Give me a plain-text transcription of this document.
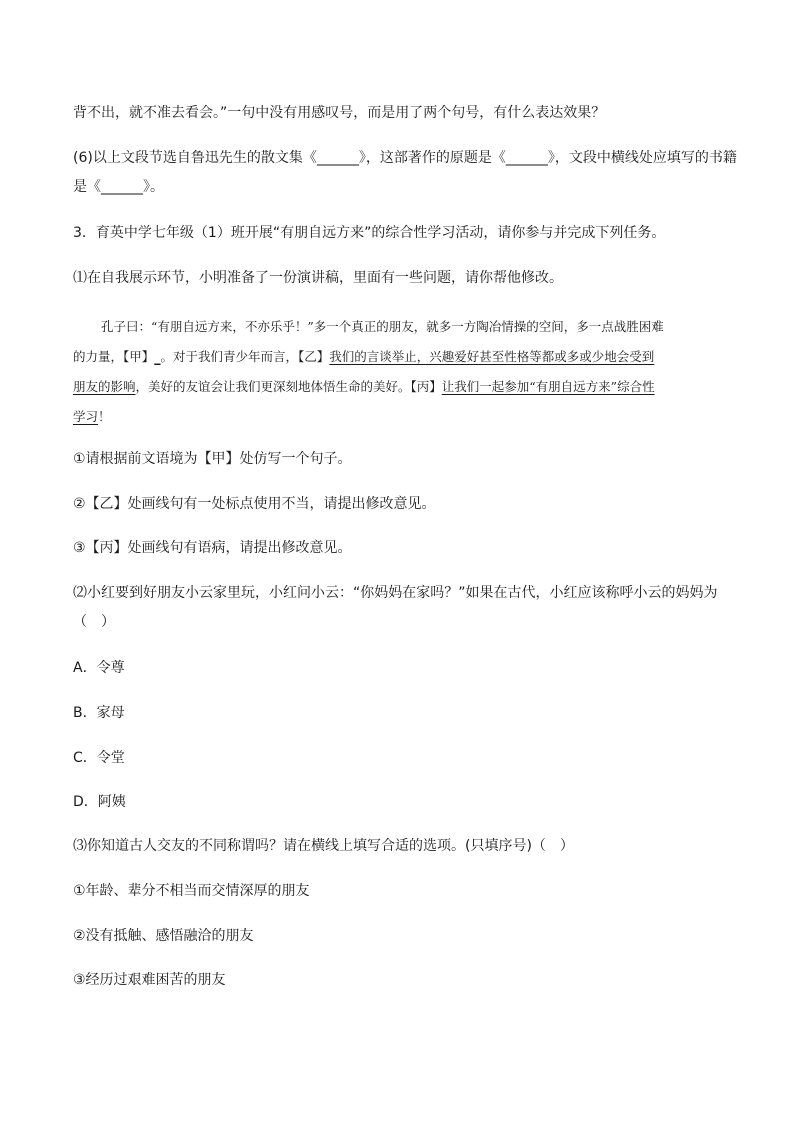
背不出，就不准去看会。”一句中没有用感叹号，而是用了两个句号，有什么表达效果？
(6)以上文段节选自鲁迅先生的散文集《______》，这部著作的原题是《______》，文段中横线处应填写的书籍
是《______》。
3．育英中学七年级（1）班开展“有朋自远方来”的综合性学习活动，请你参与并完成下列任务。
⑴在自我展示环节，小明准备了一份演讲稿，里面有一些问题，请你帮他修改。
孔子曰：“有朋自远方来，不亦乐乎！”多一个真正的朋友，就多一方陶冶情操的空间，多一点战胜困难
的力量，【甲】_。对于我们青少年而言，【乙】我们的言谈举止，兴趣爱好甚至性格等都或多或少地会受到
朋友的影响，美好的友谊会让我们更深刻地体悟生命的美好。【丙】让我们一起参加“有朋自远方来”综合性
学习！
①请根据前文语境为【甲】处仿写一个句子。
②【乙】处画线句有一处标点使用不当，请提出修改意见。
③【丙】处画线句有语病，请提出修改意见。
⑵小红要到好朋友小云家里玩，小红问小云：“你妈妈在家吗？”如果在古代，小红应该称呼小云的妈妈为
（　）
A．令尊
B．家母
C．令堂
D．阿姨
⑶你知道古人交友的不同称谓吗？请在横线上填写合适的选项。(只填序号)（　）
①年龄、辈分不相当而交情深厚的朋友
②没有抵触、感悟融洽的朋友
③经历过艰难困苦的朋友
